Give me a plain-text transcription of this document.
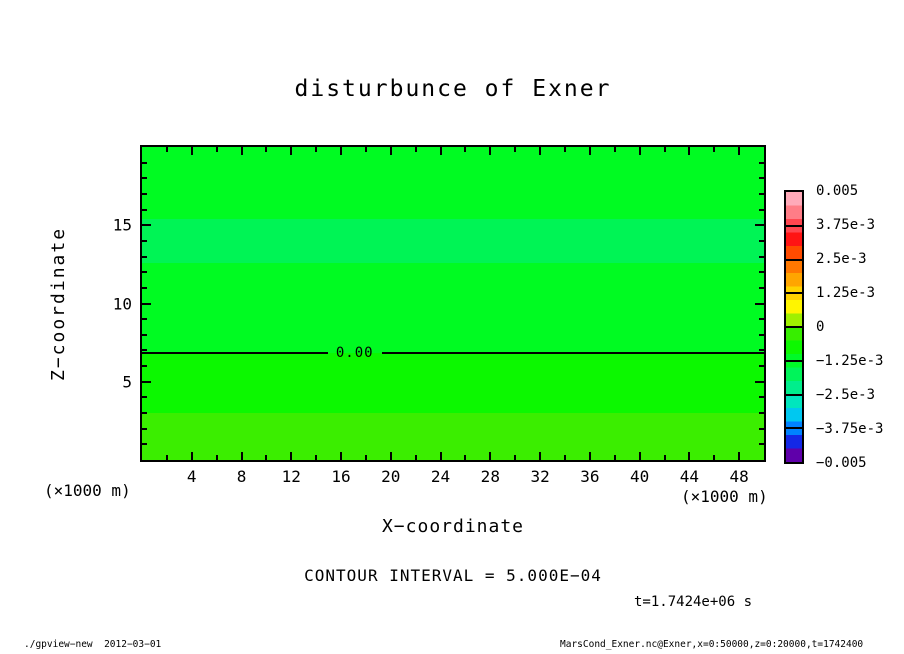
disturbunce of Exner
0.00
4	8 12 16 20 24 28 32 36 40 44 48
5
10
15
Z−coordinate
X−coordinate
(×1000 m)	(×1000 m)
0.005
3.75e-3
2.5e-3
1.25e-3
0
−1.25e-3
−2.5e-3
−3.75e-3
−0.005
CONTOUR INTERVAL = 5.000E−04
t=1.7424e+06 s
./gpview−new  2012−03−01	MarsCond_Exner.nc@Exner,x=0:50000,z=0:20000,t=1742400
